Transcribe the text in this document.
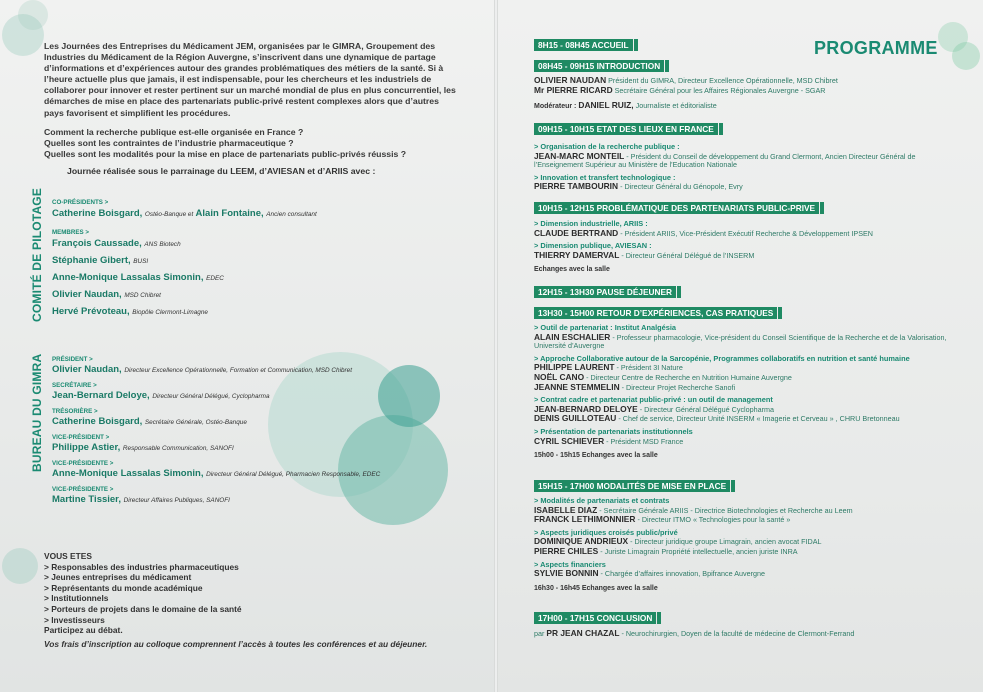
Les Journées des Entreprises du Médicament JEM, organisées par le GIMRA, Groupement des Industries du Médicament de la Région Auvergne, s’inscrivent dans une dynamique de partage d’informations et d’expériences autour des grandes problématiques des métiers de la santé. Si à l’heure actuelle plus que jamais, il est indispensable, pour les chercheurs et les industriels de collaborer pour innover et rester pertinent sur un marché mondial de plus en plus concurrentiel, les démarches de mise en place des partenariats public-privé restent complexes alors que d’autres pays favorisent et simplifient les procédures.

Comment la recherche publique est-elle organisée en France ?
Quelles sont les contraintes de l’industrie pharmaceutique ?
Quelles sont les modalités pour la mise en place de partenariats public-privés réussis ?
Journée réalisée sous le parrainage du LEEM, d’AVIESAN et d’ARIIS avec :
COMITÉ DE PILOTAGE CO-PRÉSIDENTS >
Catherine Boisgard, Ostéo-Banque et Alain Fontaine, Ancien consultant
MEMBRES >
François Caussade, ANS Biotech
Stéphanie Gibert, BUSI
Anne-Monique Lassalas Simonin, EDEC
Olivier Naudan, MSD Chibret
Hervé Prévoteau, Biopôle Clermont-Limagne
BUREAU DU GIMRA PRÉSIDENT >
Olivier Naudan, Directeur Excellence Opérationnelle, Formation et Communication, MSD Chibret
SECRÉTAIRE >
Jean-Bernard Deloye, Directeur Général Délégué, Cyclopharma
TRÉSORIÈRE >
Catherine Boisgard, Secrétaire Générale, Ostéo-Banque
VICE-PRÉSIDENT >
Philippe Astier, Responsable Communication, SANOFI
VICE-PRÉSIDENTE >
Anne-Monique Lassalas Simonin, Directeur Général Délégué, Pharmacien Responsable, EDEC
VICE-PRÉSIDENTE >
Martine Tissier, Directeur Affaires Publiques, SANOFI
VOUS ETES
> Responsables des industries pharmaceutiques
> Jeunes entreprises du médicament
> Représentants du monde académique
> Institutionnels
> Porteurs de projets dans le domaine de la santé
> Investisseurs
Participez au débat.
Vos frais d’inscription au colloque comprennent l’accès à toutes les conférences et au déjeuner.
PROGRAMME
8H15 - 08H45 ACCUEIL
08H45 - 09H15 INTRODUCTION
OLIVIER NAUDAN Président du GIMRA, Directeur Excellence Opérationnelle, MSD Chibret
Mr PIERRE RICARD Secrétaire Général pour les Affaires Régionales Auvergne - SGAR
Modérateur : DANIEL RUIZ, Journaliste et éditorialiste
09H15 - 10H15 ETAT DES LIEUX EN FRANCE
> Organisation de la recherche publique :
JEAN-MARC MONTEIL - Président du Conseil de développement du Grand Clermont, Ancien Directeur Général de l’Enseignement Supérieur au Ministère de l’Education Nationale
> Innovation et transfert technologique :
PIERRE TAMBOURIN - Directeur Général du Génopole, Evry
10H15 - 12H15 PROBLÉMATIQUE DES PARTENARIATS PUBLIC-PRIVE
> Dimension industrielle, ARIIS :
CLAUDE BERTRAND - Président ARIIS, Vice-Président Exécutif Recherche & Développement IPSEN
> Dimension publique, AVIESAN :
THIERRY DAMERVAL - Directeur Général Délégué de l’INSERM
Echanges avec la salle
12H15 - 13H30 PAUSE DÉJEUNER
13H30 - 15H00 RETOUR D’EXPÉRIENCES, CAS PRATIQUES
> Outil de partenariat : Institut Analgésia
ALAIN ESCHALIER - Professeur pharmacologie, Vice-président du Conseil Scientifique de la Recherche et de la Valorisation, Université d’Auvergne
> Approche Collaborative autour de la Sarcopénie, Programmes collaboratifs en nutrition et santé humaine
PHILIPPE LAURENT - Président 3I Nature
NOËL CANO - Directeur Centre de Recherche en Nutrition Humaine Auvergne
JEANNE STEMMELIN - Directeur Projet Recherche Sanofi
> Contrat cadre et partenariat public-privé : un outil de management
JEAN-BERNARD DELOYE - Directeur Général Délégué Cyclopharma
DENIS GUILLOTEAU - Chef de service, Directeur Unité INSERM « Imagerie et Cerveau » , CHRU Bretonneau
> Présentation de partenariats institutionnels
CYRIL SCHIEVER - Président MSD France
15h00 - 15h15 Echanges avec la salle
15H15 - 17H00 MODALITÉS DE MISE EN PLACE
> Modalités de partenariats et contrats
ISABELLE DIAZ - Secrétaire Générale ARIIS - Directrice Biotechnologies et Recherche au Leem
FRANCK LETHIMONNIER - Directeur ITMO « Technologies pour la santé »
> Aspects juridiques croisés public/privé
DOMINIQUE ANDRIEUX - Directeur juridique groupe Limagrain, ancien avocat FIDAL
PIERRE CHILES - Juriste Limagrain Propriété intellectuelle, ancien juriste INRA
> Aspects financiers
SYLVIE BONNIN - Chargée d’affaires innovation, Bpifrance Auvergne
16h30 - 16h45 Echanges avec la salle
17H00 - 17H15 CONCLUSION
par PR JEAN CHAZAL - Neurochirurgien, Doyen de la faculté de médecine de Clermont-Ferrand
